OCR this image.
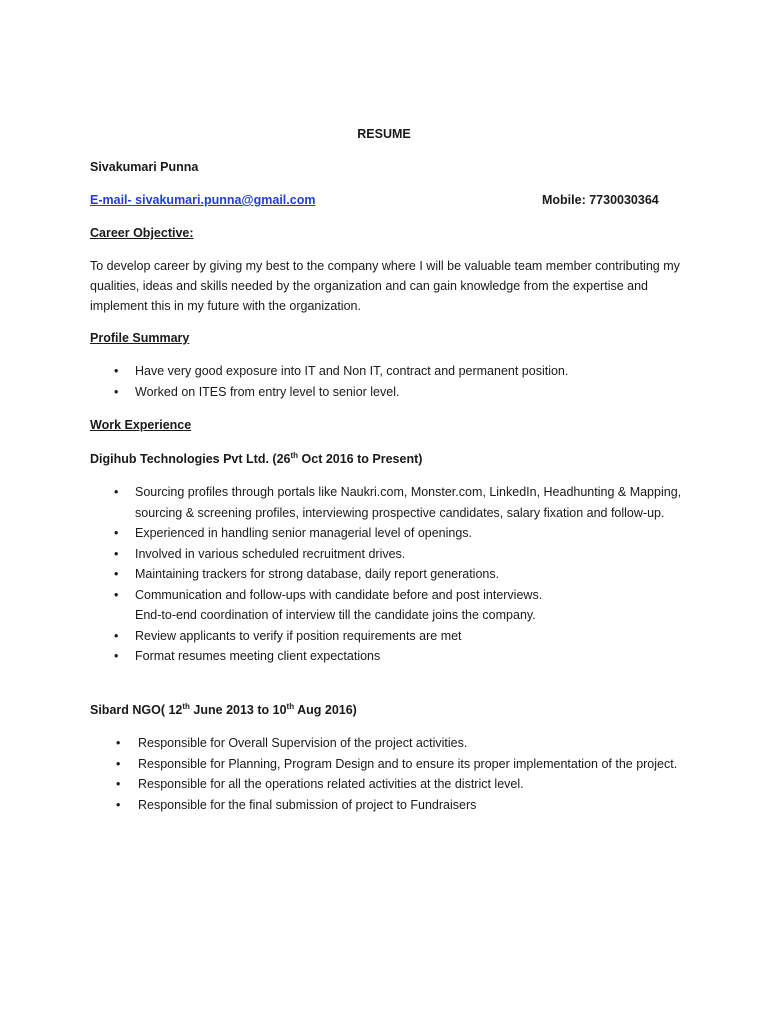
RESUME
Sivakumari Punna
E-mail- sivakumari.punna@gmail.com	Mobile: 7730030364
Career Objective:
To develop career by giving my best to the company where I will be valuable team member contributing my qualities, ideas and skills needed by the organization and can gain knowledge from the expertise and implement this in my future with the organization.
Profile Summary
• Have very good exposure into IT and Non IT, contract and permanent position.
• Worked on ITES from entry level to senior level.
Work Experience
Digihub Technologies Pvt Ltd. (26th Oct 2016 to Present)
• Sourcing profiles through portals like Naukri.com, Monster.com, LinkedIn, Headhunting & Mapping, sourcing & screening profiles, interviewing prospective candidates, salary fixation and follow-up.
• Experienced in handling senior managerial level of openings.
• Involved in various scheduled recruitment drives.
• Maintaining trackers for strong database, daily report generations.
• Communication and follow-ups with candidate before and post interviews.
End-to-end coordination of interview till the candidate joins the company.
• Review applicants to verify if position requirements are met
• Format resumes meeting client expectations
Sibard NGO( 12th June 2013 to 10th Aug 2016)
• Responsible for Overall Supervision of the project activities.
• Responsible for Planning, Program Design and to ensure its proper implementation of the project.
• Responsible for all the operations related activities at the district level.
• Responsible for the final submission of project to Fundraisers
